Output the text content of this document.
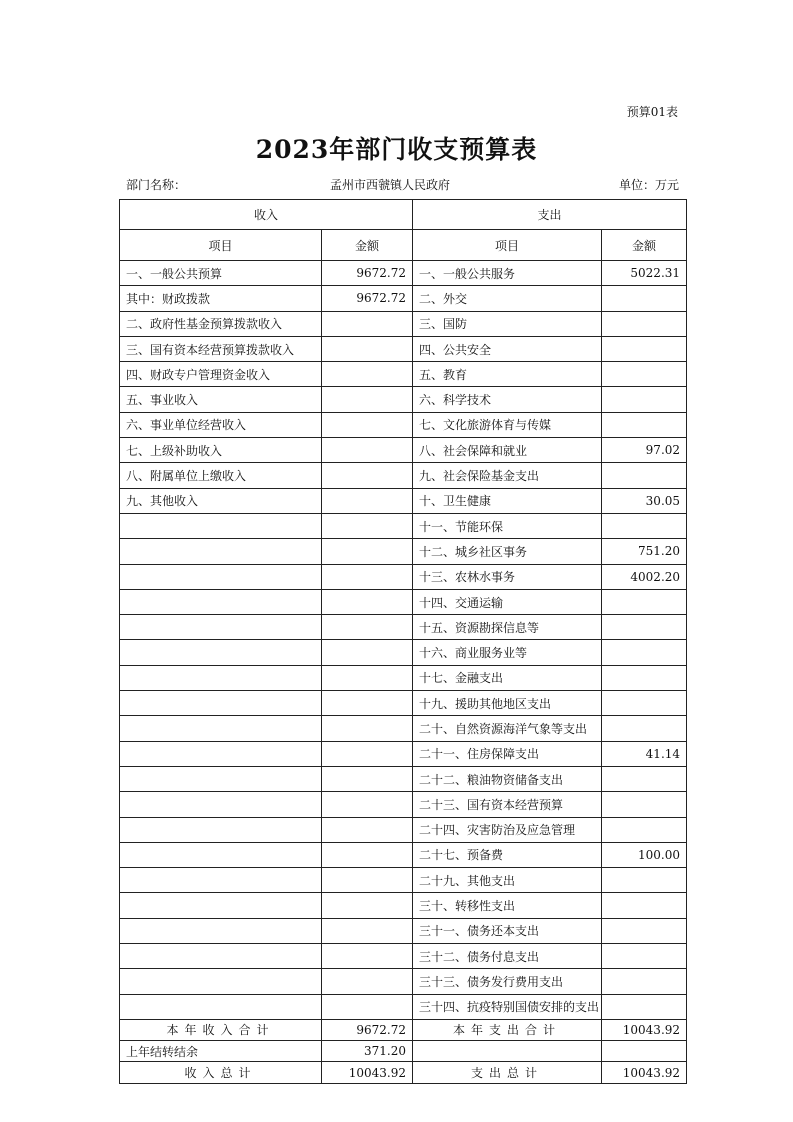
预算01表
2023年部门收支预算表
部门名称：	孟州市西虢镇人民政府	单位：万元
收入		支出	
项目	金额	项目	金额
一、一般公共预算	9672.72	一、一般公共服务	5022.31
其中：财政拨款	9672.72	二、外交	
二、政府性基金预算拨款收入		三、国防	
三、国有资本经营预算拨款收入		四、公共安全	
四、财政专户管理资金收入		五、教育	
五、事业收入		六、科学技术	
六、事业单位经营收入		七、文化旅游体育与传媒	
七、上级补助收入		八、社会保障和就业	97.02
八、附属单位上缴收入		九、社会保险基金支出	
九、其他收入		十、卫生健康	30.05
		十一、节能环保	
		十二、城乡社区事务	751.20
		十三、农林水事务	4002.20
		十四、交通运输	
		十五、资源勘探信息等	
		十六、商业服务业等	
		十七、金融支出	
		十九、援助其他地区支出	
		二十、自然资源海洋气象等支出	
		二十一、住房保障支出	41.14
		二十二、粮油物资储备支出	
		二十三、国有资本经营预算	
		二十四、灾害防治及应急管理	
		二十七、预备费	100.00
		二十九、其他支出	
		三十、转移性支出	
		三十一、债务还本支出	
		三十二、债务付息支出	
		三十三、债务发行费用支出	
		三十四、抗疫特别国债安排的支出	
本年收入合计	9672.72	本年支出合计	10043.92
上年结转结余	371.20		
收入总计	10043.92	支出总计	10043.92
